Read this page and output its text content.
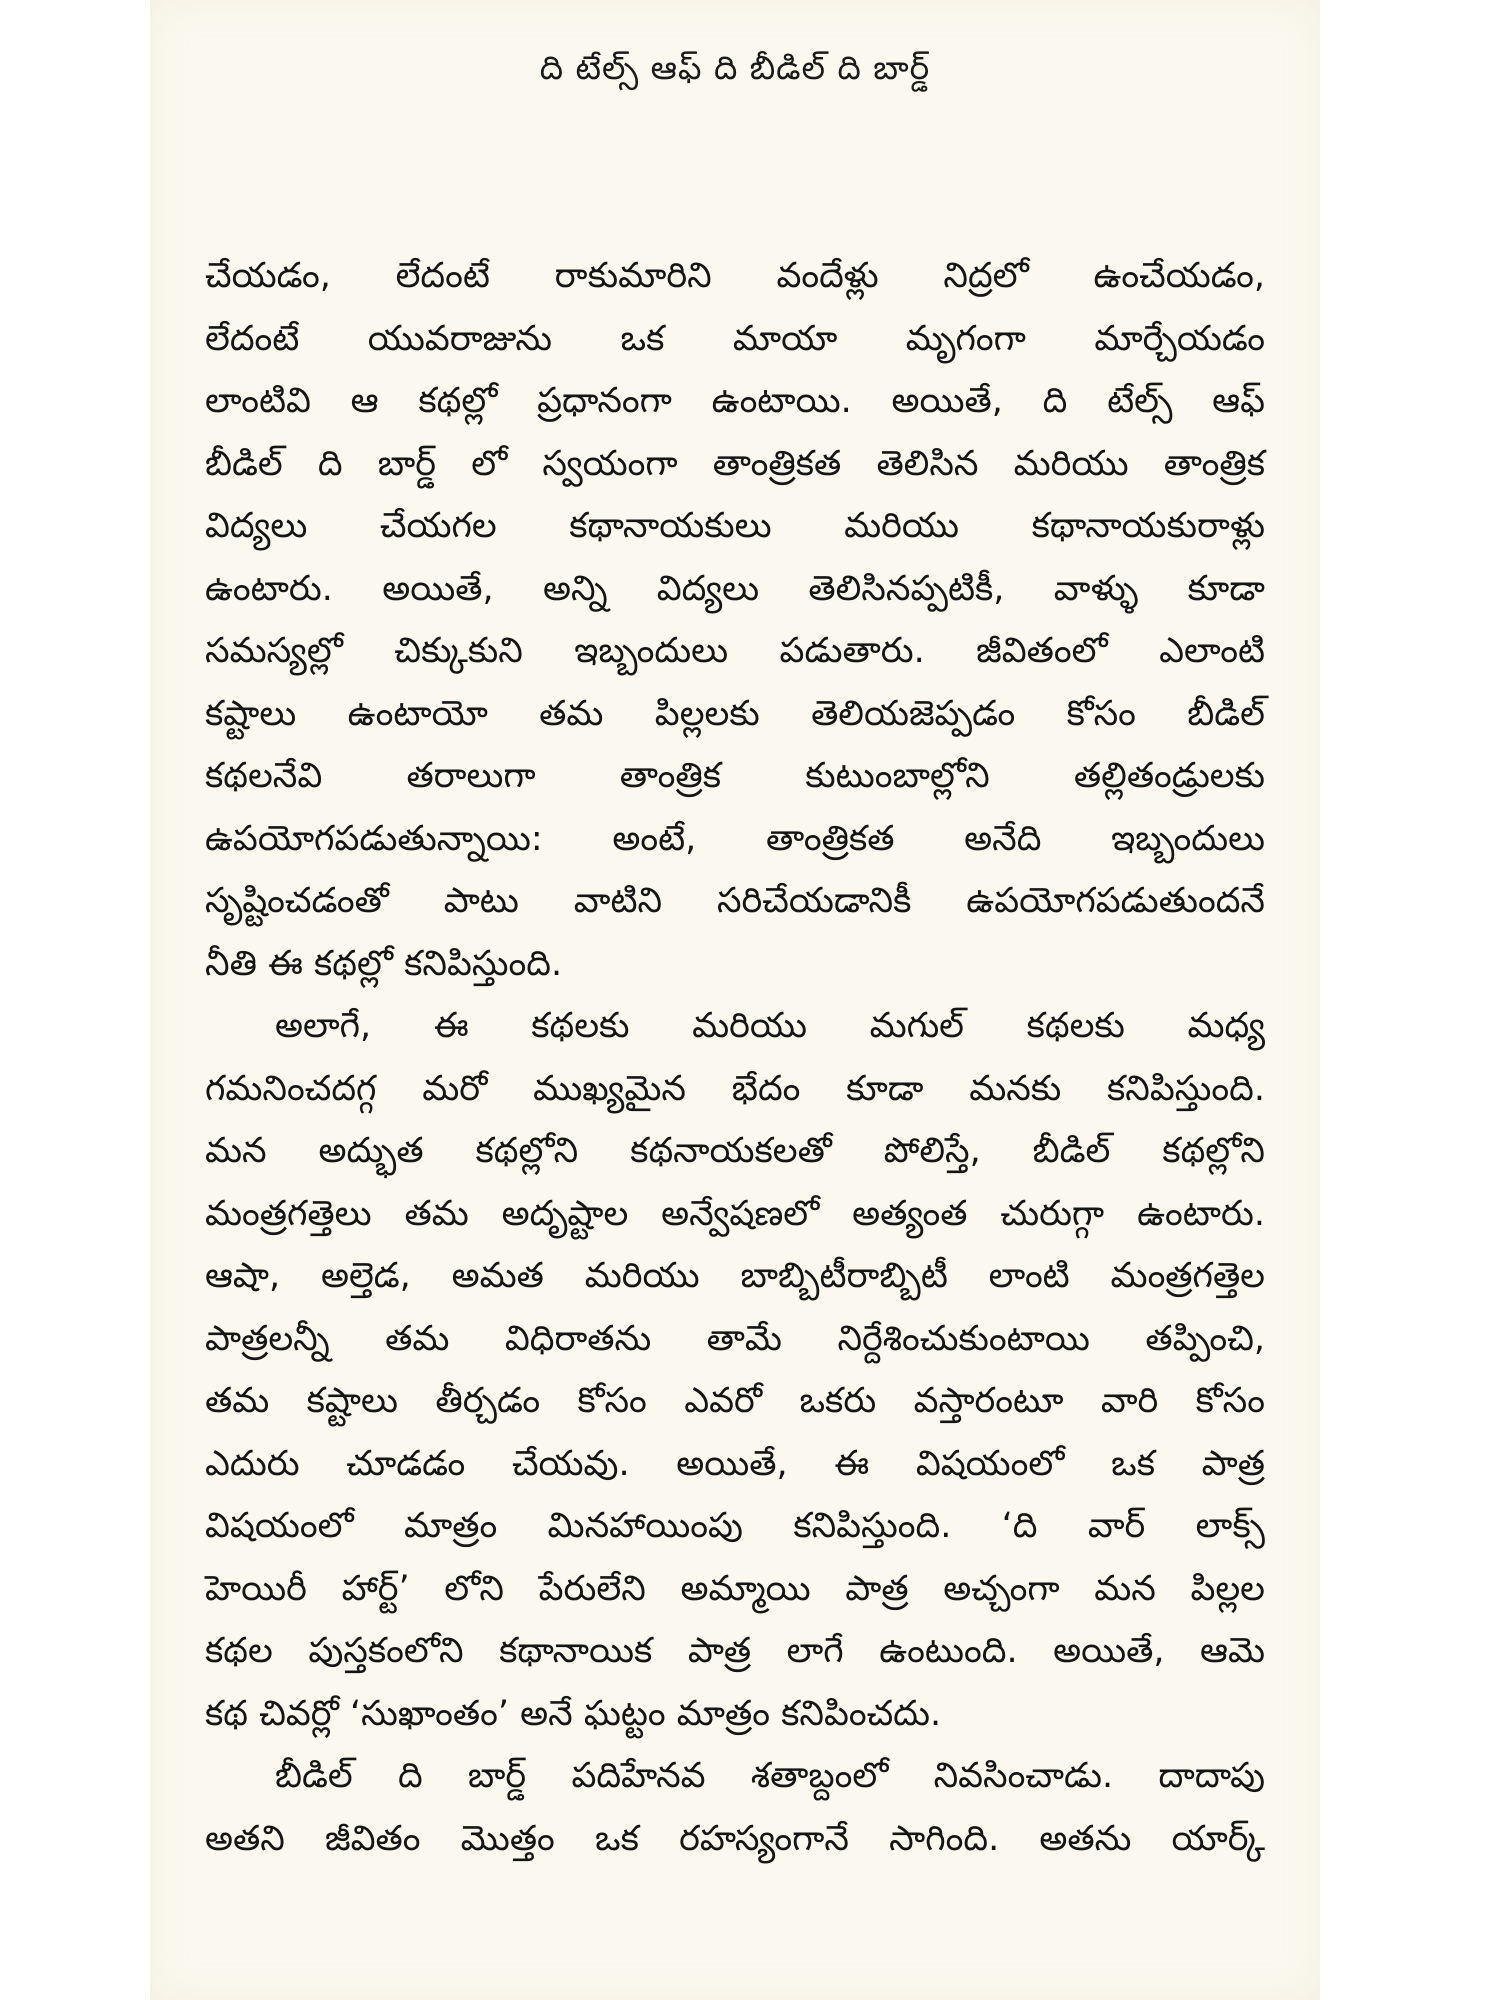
ది టేల్స్ ఆఫ్ ది బీడిల్ ది బార్డ్

చేయడం, లేదంటే రాకుమారిని వందేళ్లు నిద్రలో ఉంచేయడం,
లేదంటే యువరాజును ఒక మాయా మృగంగా మార్చేయడం
లాంటివి ఆ కథల్లో ప్రధానంగా ఉంటాయి. అయితే, ది టేల్స్ ఆఫ్
బీడిల్ ది బార్డ్ లో స్వయంగా తాంత్రికత తెలిసిన మరియు తాంత్రిక
విద్యలు చేయగల కథానాయకులు మరియు కథానాయకురాళ్లు
ఉంటారు. అయితే, అన్ని విద్యలు తెలిసినప్పటికీ, వాళ్ళు కూడా
సమస్యల్లో చిక్కుకుని ఇబ్బందులు పడుతారు. జీవితంలో ఎలాంటి
కష్టాలు ఉంటాయో తమ పిల్లలకు తెలియజెప్పడం కోసం బీడిల్
కథలనేవి తరాలుగా తాంత్రిక కుటుంబాల్లోని తల్లితండ్రులకు
ఉపయోగపడుతున్నాయి: అంటే, తాంత్రికత అనేది ఇబ్బందులు
సృష్టించడంతో పాటు వాటిని సరిచేయడానికీ ఉపయోగపడుతుందనే
నీతి ఈ కథల్లో కనిపిస్తుంది.

అలాగే, ఈ కథలకు మరియు మగుల్ కథలకు మధ్య
గమనించదగ్గ మరో ముఖ్యమైన భేదం కూడా మనకు కనిపిస్తుంది.
మన అద్భుత కథల్లోని కథనాయకలతో పోలిస్తే, బీడిల్ కథల్లోని
మంత్రగత్తెలు తమ అదృష్టాల అన్వేషణలో అత్యంత చురుగ్గా ఉంటారు.
ఆషా, అల్తెడ, అమత మరియు బాబ్బిటీరాబ్బిటీ లాంటి మంత్రగత్తెల
పాత్రలన్నీ తమ విధిరాతను తామే నిర్దేశించుకుంటాయి తప్పించి,
తమ కష్టాలు తీర్చడం కోసం ఎవరో ఒకరు వస్తారంటూ వారి కోసం
ఎదురు చూడడం చేయవు. అయితే, ఈ విషయంలో ఒక పాత్ర
విషయంలో మాత్రం మినహాయింపు కనిపిస్తుంది. ‘ది వార్ లాక్స్
హెయిరీ హార్ట్’ లోని పేరులేని అమ్మాయి పాత్ర అచ్చంగా మన పిల్లల
కథల పుస్తకంలోని కథానాయిక పాత్ర లాగే ఉంటుంది. అయితే, ఆమె
కథ చివర్లో ‘సుఖాంతం’ అనే ఘట్టం మాత్రం కనిపించదు.

బీడిల్ ది బార్డ్ పదిహేనవ శతాబ్దంలో నివసించాడు. దాదాపు
అతని జీవితం మొత్తం ఒక రహస్యంగానే సాగింది. అతను యార్క్
